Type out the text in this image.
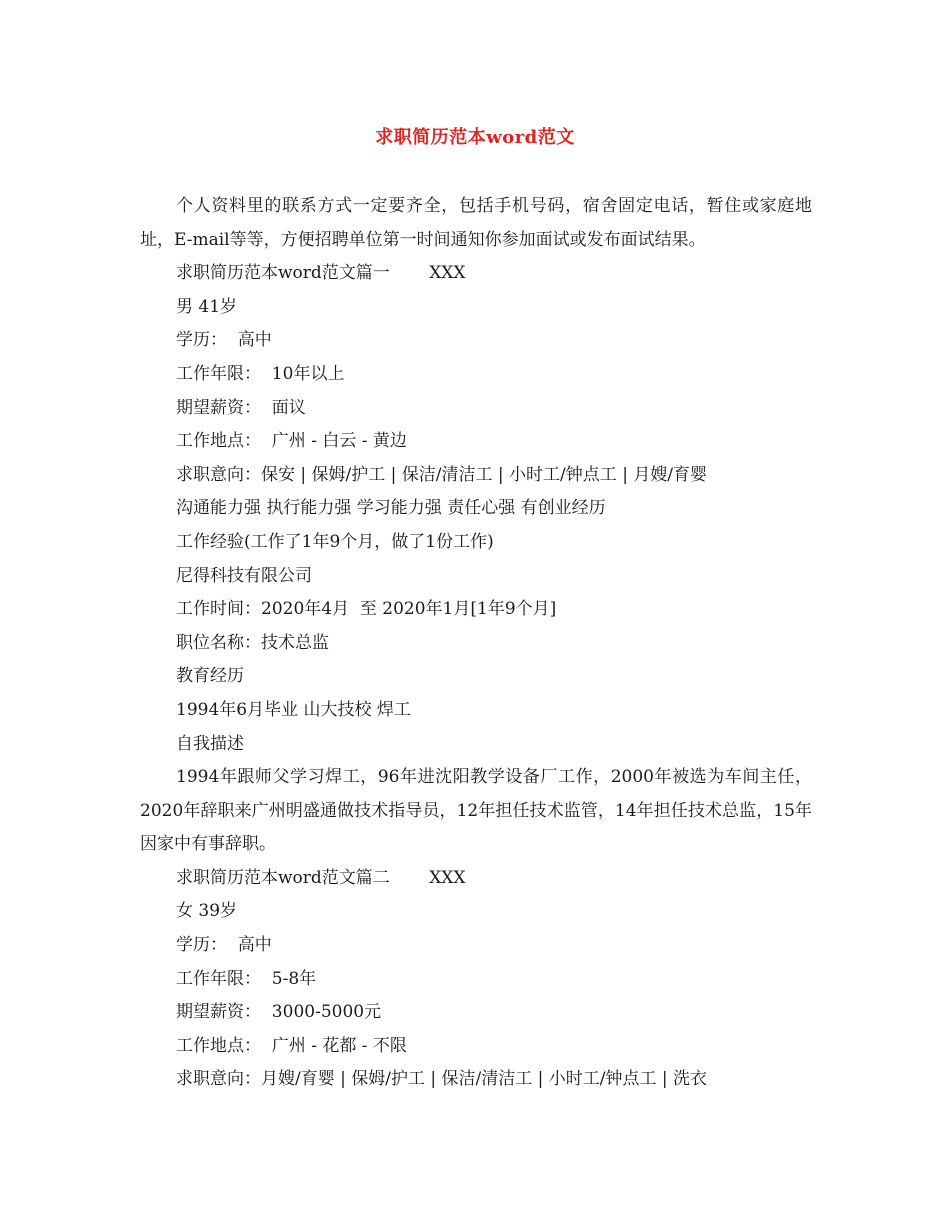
求职简历范本word范文

个人资料里的联系方式一定要齐全，包括手机号码，宿舍固定电话，暂住或家庭地址，E-mail等等，方便招聘单位第一时间通知你参加面试或发布面试结果。

求职简历范本word范文篇一　　 XXX

男 41岁

学历：  高中

工作年限：  10年以上

期望薪资：  面议

工作地点：  广州 - 白云 - 黄边

求职意向：保安 | 保姆/护工 | 保洁/清洁工 | 小时工/钟点工 | 月嫂/育婴

沟通能力强 执行能力强 学习能力强 责任心强 有创业经历

工作经验(工作了1年9个月，做了1份工作)

尼得科技有限公司

工作时间：2020年4月  至 2020年1月[1年9个月]

职位名称：技术总监

教育经历

1994年6月毕业 山大技校 焊工

自我描述

1994年跟师父学习焊工，96年进沈阳教学设备厂工作，2000年被选为车间主任，2020年辞职来广州明盛通做技术指导员，12年担任技术监管，14年担任技术总监，15年因家中有事辞职。

求职简历范本word范文篇二　　 XXX

女 39岁

学历：  高中

工作年限：  5-8年

期望薪资：  3000-5000元

工作地点：  广州 - 花都 - 不限

求职意向：月嫂/育婴 | 保姆/护工 | 保洁/清洁工 | 小时工/钟点工 | 洗衣
